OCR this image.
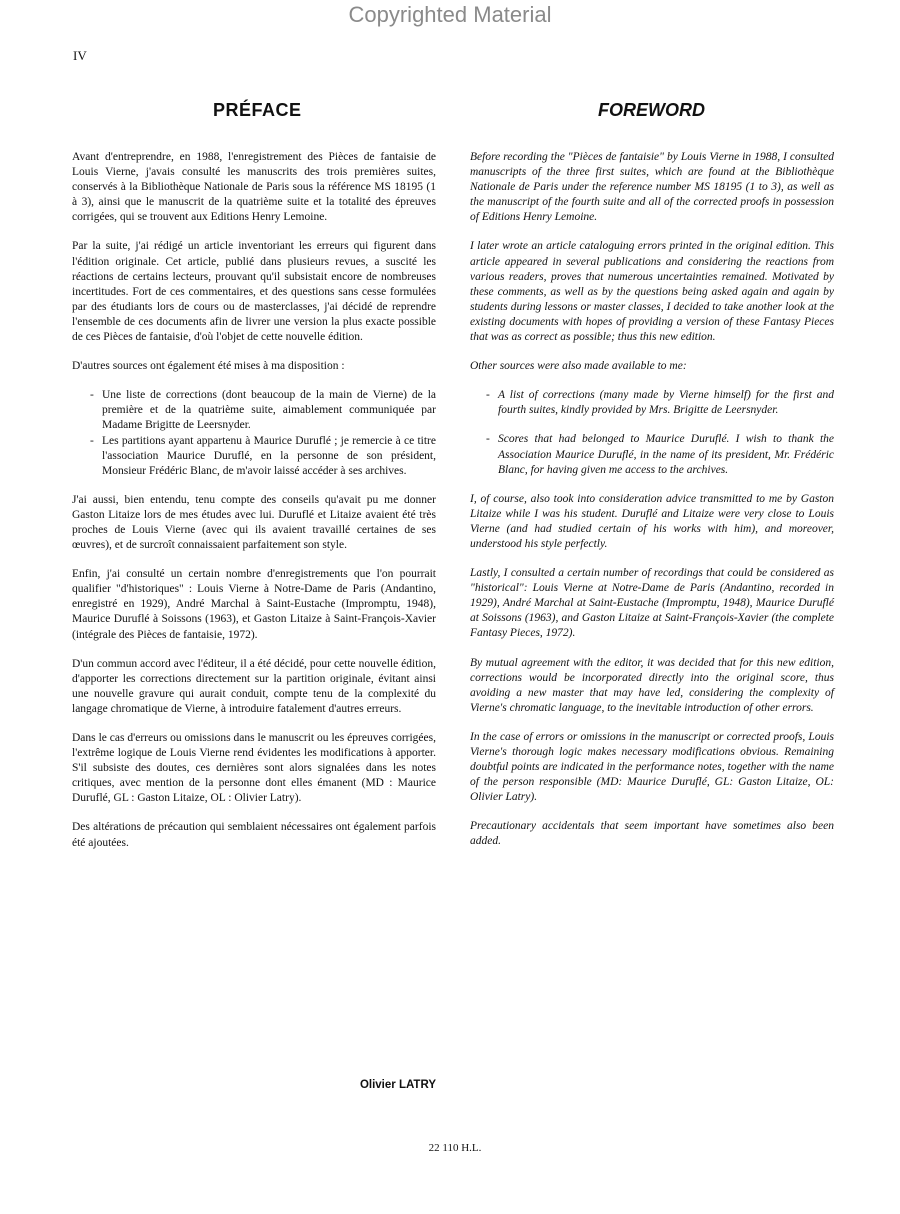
Copyrighted Material
IV
PRÉFACE	FOREWORD

Avant d'entreprendre, en 1988, l'enregistrement des Pièces de fantaisie de Louis Vierne, j'avais consulté les manuscrits des trois premières suites, conservés à la Bibliothèque Nationale de Paris sous la référence MS 18195 (1 à 3), ainsi que le manuscrit de la quatrième suite et la totalité des épreuves corrigées, qui se trouvent aux Editions Henry Lemoine.

Par la suite, j'ai rédigé un article inventoriant les erreurs qui figurent dans l'édition originale. Cet article, publié dans plusieurs revues, a suscité les réactions de certains lecteurs, prouvant qu'il subsistait encore de nombreuses incertitudes. Fort de ces commentaires, et des questions sans cesse formulées par des étudiants lors de cours ou de masterclasses, j'ai décidé de reprendre l'ensemble de ces documents afin de livrer une version la plus exacte possible de ces Pièces de fantaisie, d'où l'objet de cette nouvelle édition.

D'autres sources ont également été mises à ma disposition :

- Une liste de corrections (dont beaucoup de la main de Vierne) de la première et de la quatrième suite, aimablement communiquée par Madame Brigitte de Leersnyder.
- Les partitions ayant appartenu à Maurice Duruflé ; je remercie à ce titre l'association Maurice Duruflé, en la personne de son président, Monsieur Frédéric Blanc, de m'avoir laissé accéder à ses archives.

J'ai aussi, bien entendu, tenu compte des conseils qu'avait pu me donner Gaston Litaize lors de mes études avec lui. Duruflé et Litaize avaient été très proches de Louis Vierne (avec qui ils avaient travaillé certaines de ses œuvres), et de surcroît connaissaient parfaitement son style.

Enfin, j'ai consulté un certain nombre d'enregistrements que l'on pourrait qualifier "d'historiques" : Louis Vierne à Notre-Dame de Paris (Andantino, enregistré en 1929), André Marchal à Saint-Eustache (Impromptu, 1948), Maurice Duruflé à Soissons (1963), et Gaston Litaize à Saint-François-Xavier (intégrale des Pièces de fantaisie, 1972).

D'un commun accord avec l'éditeur, il a été décidé, pour cette nouvelle édition, d'apporter les corrections directement sur la partition originale, évitant ainsi une nouvelle gravure qui aurait conduit, compte tenu de la complexité du langage chromatique de Vierne, à introduire fatalement d'autres erreurs.

Dans le cas d'erreurs ou omissions dans le manuscrit ou les épreuves corrigées, l'extrême logique de Louis Vierne rend évidentes les modifications à apporter. S'il subsiste des doutes, ces dernières sont alors signalées dans les notes critiques, avec mention de la personne dont elles émanent (MD : Maurice Duruflé, GL : Gaston Litaize, OL : Olivier Latry).

Des altérations de précaution qui semblaient nécessaires ont également parfois été ajoutées.

Before recording the "Pièces de fantaisie" by Louis Vierne in 1988, I consulted manuscripts of the three first suites, which are found at the Bibliothèque Nationale de Paris under the reference number MS 18195 (1 to 3), as well as the manuscript of the fourth suite and all of the corrected proofs in possession of Editions Henry Lemoine.

I later wrote an article cataloguing errors printed in the original edition. This article appeared in several publications and considering the reactions from various readers, proves that numerous uncertainties remained. Motivated by these comments, as well as by the questions being asked again and again by students during lessons or master classes, I decided to take another look at the existing documents with hopes of providing a version of these Fantasy Pieces that was as correct as possible; thus this new edition.

Other sources were also made available to me:

- A list of corrections (many made by Vierne himself) for the first and fourth suites, kindly provided by Mrs. Brigitte de Leersnyder.
- Scores that had belonged to Maurice Duruflé. I wish to thank the Association Maurice Duruflé, in the name of its president, Mr. Frédéric Blanc, for having given me access to the archives.

I, of course, also took into consideration advice transmitted to me by Gaston Litaize while I was his student. Duruflé and Litaize were very close to Louis Vierne (and had studied certain of his works with him), and moreover, understood his style perfectly.

Lastly, I consulted a certain number of recordings that could be considered as "historical": Louis Vierne at Notre-Dame de Paris (Andantino, recorded in 1929), André Marchal at Saint-Eustache (Impromptu, 1948), Maurice Duruflé at Soissons (1963), and Gaston Litaize at Saint-François-Xavier (the complete Fantasy Pieces, 1972).

By mutual agreement with the editor, it was decided that for this new edition, corrections would be incorporated directly into the original score, thus avoiding a new master that may have led, considering the complexity of Vierne's chromatic language, to the inevitable introduction of other errors.

In the case of errors or omissions in the manuscript or corrected proofs, Louis Vierne's thorough logic makes necessary modifications obvious. Remaining doubtful points are indicated in the performance notes, together with the name of the person responsible (MD: Maurice Duruflé, GL: Gaston Litaize, OL: Olivier Latry).

Precautionary accidentals that seem important have sometimes also been added.

Olivier LATRY
22 110 H.L.
